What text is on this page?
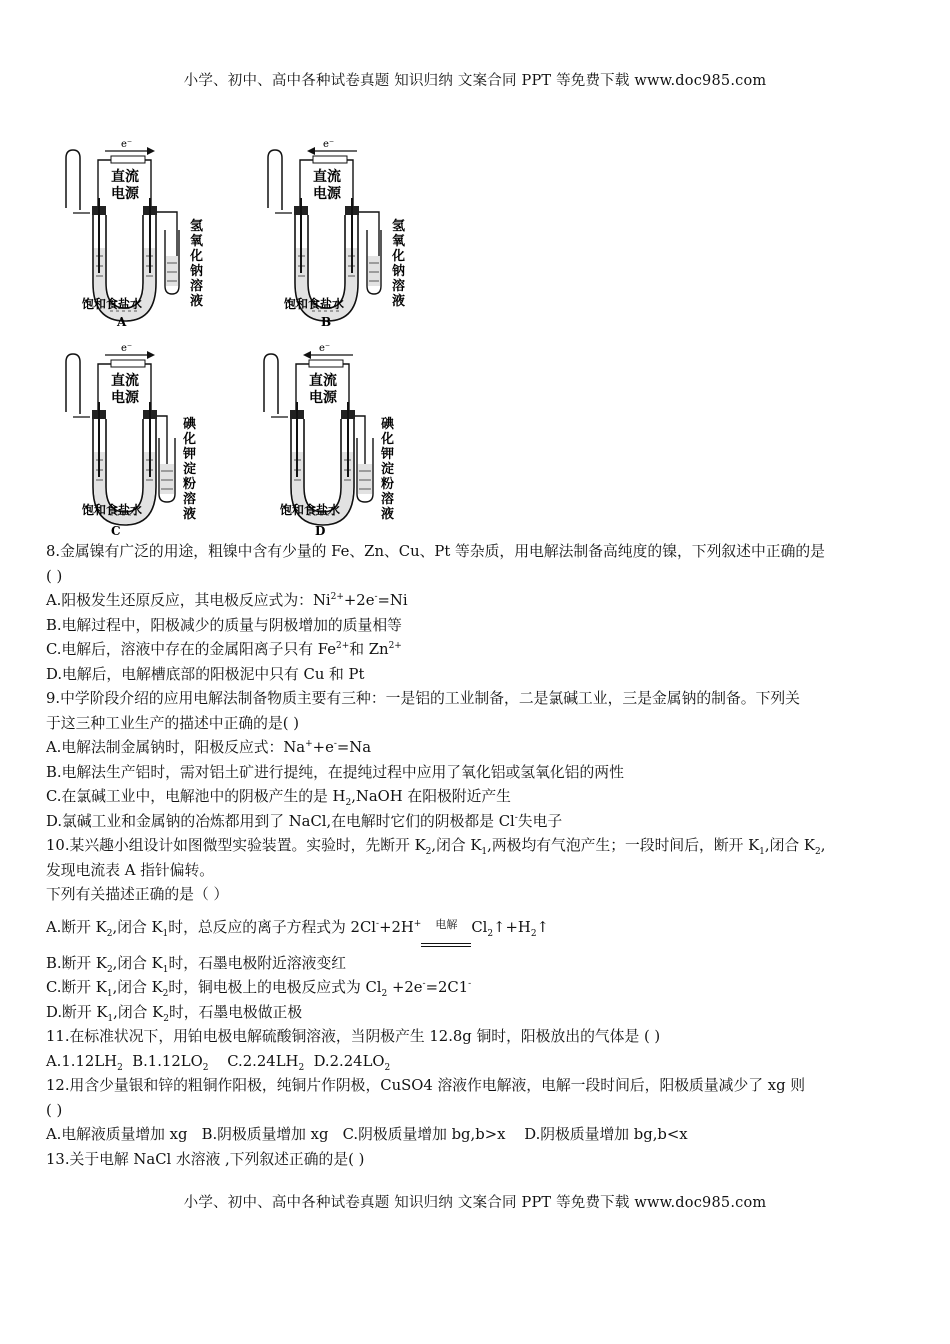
小学、初中、高中各种试卷真题 知识归纳 文案合同 PPT 等免费下载 www.doc985.com
e⁻
直流
电源
氢
氧
化
钠
溶
液
饱和食盐水
A
e⁻
直流
电源
氢
氧
化
钠
溶
液
饱和食盐水
B
e⁻
直流
电源
碘
化
钾
淀
粉
溶
液
饱和食盐水
C
e⁻
直流
电源
碘
化
钾
淀
粉
溶
液
饱和食盐水
D
8.金属镍有广泛的用途，粗镍中含有少量的 Fe、Zn、Cu、Pt 等杂质，用电解法制备高纯度的镍，下列叙述中正确的是
( )
A.阳极发生还原反应，其电极反应式为：$Ni^{2+}+2e^-=Ni$
B.电解过程中，阳极减少的质量与阴极增加的质量相等
C.电解后，溶液中存在的金属阳离子只有 $Fe^{2+}$和 $Zn^{2+}$
D.电解后，电解槽底部的阳极泥中只有 Cu 和 Pt
9.中学阶段介绍的应用电解法制备物质主要有三种：一是铝的工业制备，二是氯碱工业，三是金属钠的制备。下列关
于这三种工业生产的描述中正确的是( )
A.电解法制金属钠时，阳极反应式：Na++e-=Na
B.电解法生产铝时，需对铝土矿进行提纯，在提纯过程中应用了氧化铝或氢氧化铝的两性
C.在氯碱工业中，电解池中的阴极产生的是 $H_2,NaOH$ 在阳极附近产生
D.氯碱工业和金属钠的冶炼都用到了 NaCl,在电解时它们的阴极都是 Cl-失电子
10.某兴趣小组设计如图微型实验装置。实验时，先断开 $K_2$,闭合 $K_1$,两极均有气泡产生；一段时间后，断开 $K_1$,闭合 $K_2$,
发现电流表 A 指针偏转。
下列有关描述正确的是（ ）
A.断开 $K_2$,闭合 $K_1$时，总反应的离子方程式为 2Cl-+2H+ 电解 $Cl_2↑+H_2↑$
B.断开 $K_2$,闭合 $K_1$时，石墨电极附近溶液变红
C.断开 $K_1$,闭合 $K_2$时，铜电极上的电极反应式为 $Cl_2 +2e^-=2C1^-$
D.断开 $K_1$,闭合 $K_2$时，石墨电极做正极
11.在标准状况下，用铂电极电解硫酸铜溶液，当阴极产生 12.8g 铜时，阳极放出的气体是 ( )
$A.1.12LH_2$  $B.1.12LO_2$    $C.2.24LH_2$  $D.2.24LO_2$
12.用含少量银和锌的粗铜作阳极，纯铜片作阴极，CuSO4 溶液作电解液，电解一段时间后，阳极质量减少了 xg 则
( )
A.电解液质量增加 xg   B.阴极质量增加 xg   C.阴极质量增加 bg,b>x    D.阴极质量增加 bg,b<x
13.关于电解 NaCl 水溶液 ,下列叙述正确的是( )
小学、初中、高中各种试卷真题 知识归纳 文案合同 PPT 等免费下载 www.doc985.com
